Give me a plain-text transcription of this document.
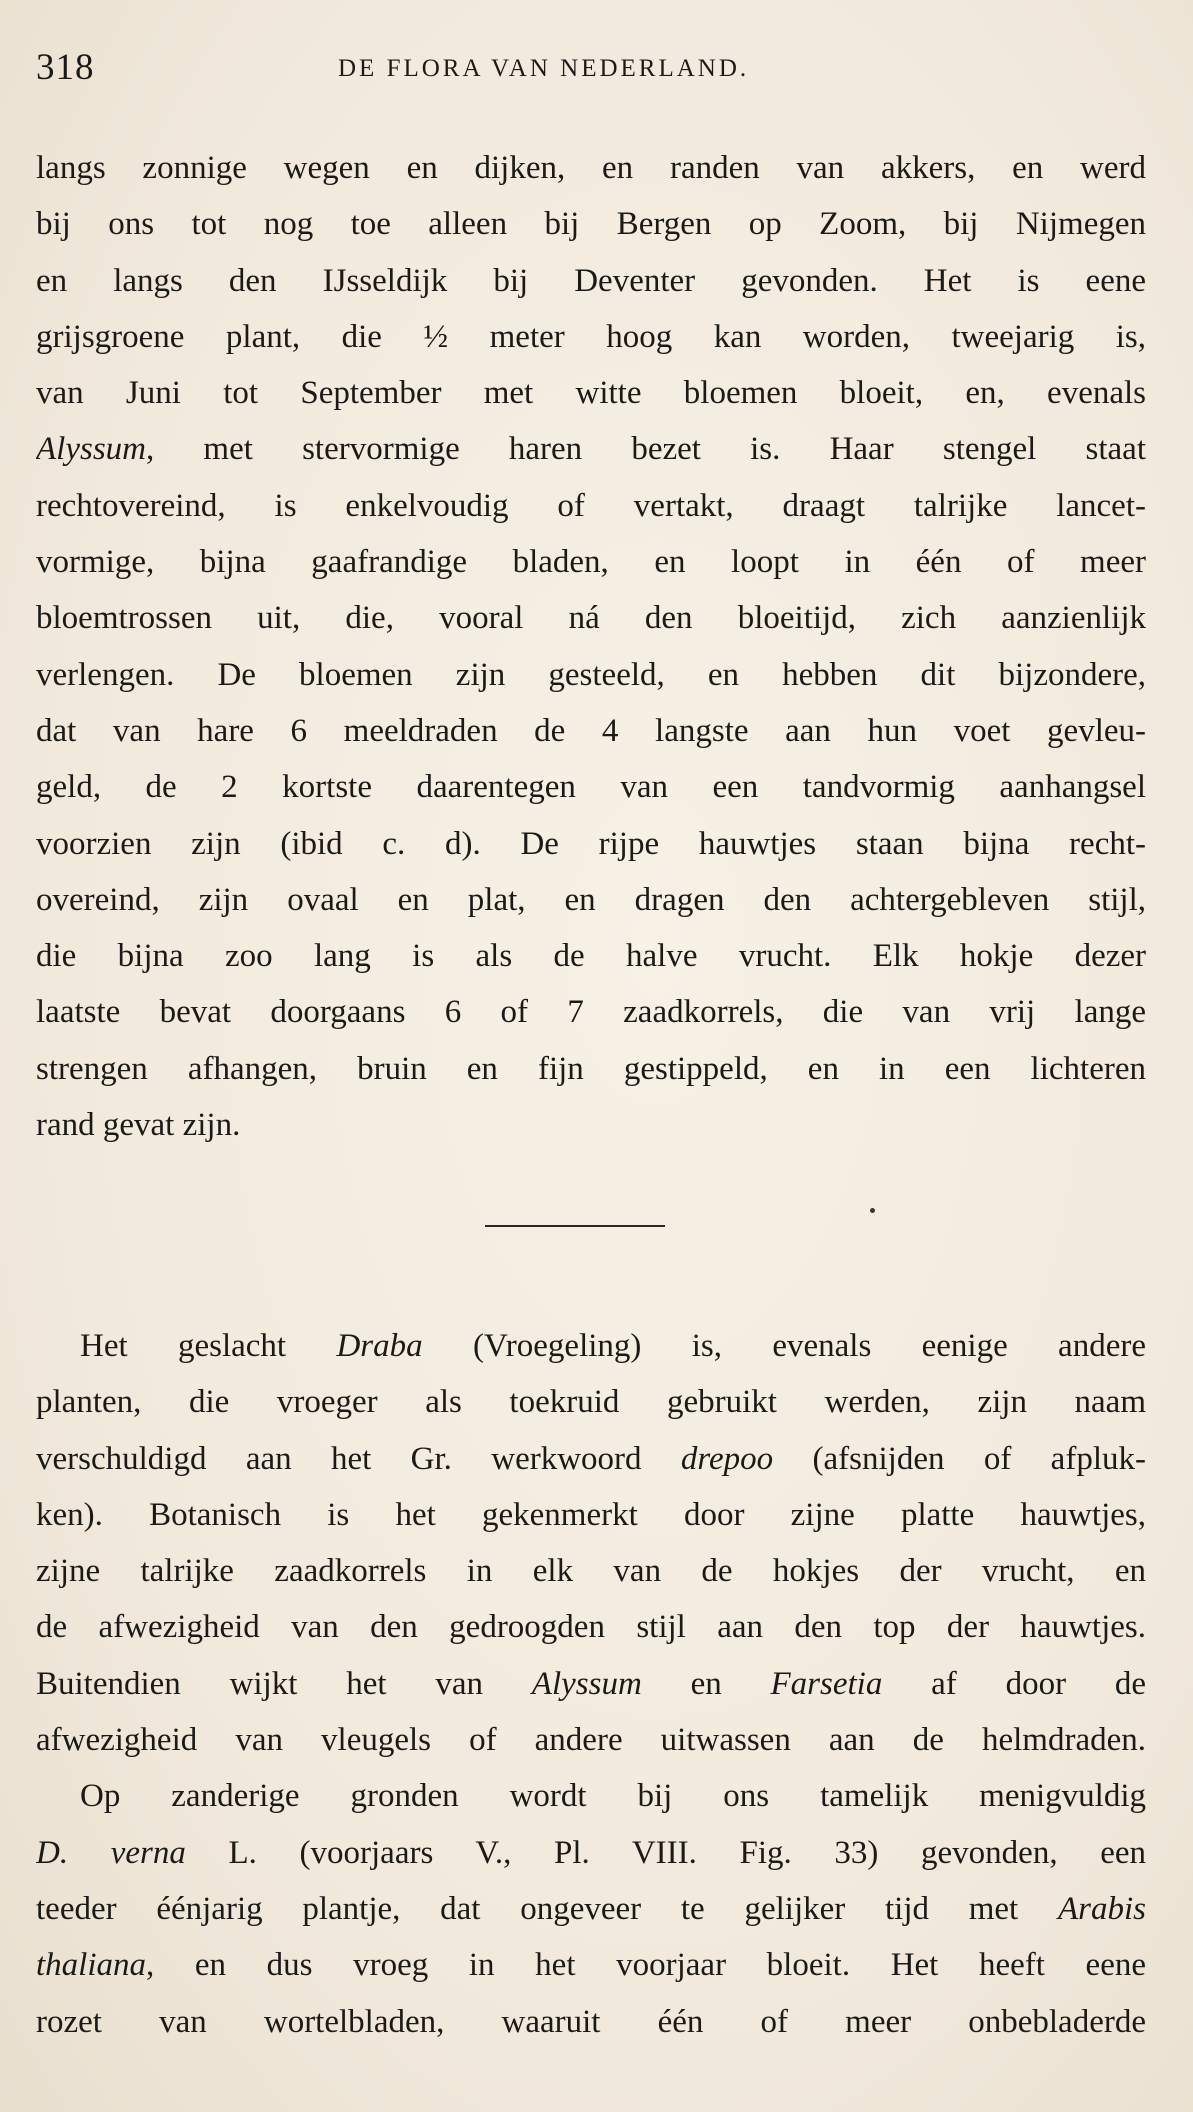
318	DE FLORA VAN NEDERLAND.
langs zonnige wegen en dijken, en randen van akkers, en werd
bij ons tot nog toe alleen bij Bergen op Zoom, bij Nijmegen
en langs den IJsseldijk bij Deventer gevonden. Het is eene
grijsgroene plant, die ½ meter hoog kan worden, tweejarig is,
van Juni tot September met witte bloemen bloeit, en, evenals
Alyssum, met stervormige haren bezet is. Haar stengel staat
rechtovereind, is enkelvoudig of vertakt, draagt talrijke lancet-
vormige, bijna gaafrandige bladen, en loopt in één of meer
bloemtrossen uit, die, vooral ná den bloeitijd, zich aanzienlijk
verlengen. De bloemen zijn gesteeld, en hebben dit bijzondere,
dat van hare 6 meeldraden de 4 langste aan hun voet gevleu-
geld, de 2 kortste daarentegen van een tandvormig aanhangsel
voorzien zijn (ibid c. d). De rijpe hauwtjes staan bijna recht-
overeind, zijn ovaal en plat, en dragen den achtergebleven stijl,
die bijna zoo lang is als de halve vrucht. Elk hokje dezer
laatste bevat doorgaans 6 of 7 zaadkorrels, die van vrij lange
strengen afhangen, bruin en fijn gestippeld, en in een lichteren
rand gevat zijn.
Het geslacht Draba (Vroegeling) is, evenals eenige andere
planten, die vroeger als toekruid gebruikt werden, zijn naam
verschuldigd aan het Gr. werkwoord drepoo (afsnijden of afpluk-
ken). Botanisch is het gekenmerkt door zijne platte hauwtjes,
zijne talrijke zaadkorrels in elk van de hokjes der vrucht, en
de afwezigheid van den gedroogden stijl aan den top der hauwtjes.
Buitendien wijkt het van Alyssum en Farsetia af door de
afwezigheid van vleugels of andere uitwassen aan de helmdraden.
Op zanderige gronden wordt bij ons tamelijk menigvuldig
D. verna L. (voorjaars V., Pl. VIII. Fig. 33) gevonden, een
teeder éénjarig plantje, dat ongeveer te gelijker tijd met Arabis
thaliana, en dus vroeg in het voorjaar bloeit. Het heeft eene
rozet van wortelbladen, waaruit één of meer onbebladerde
